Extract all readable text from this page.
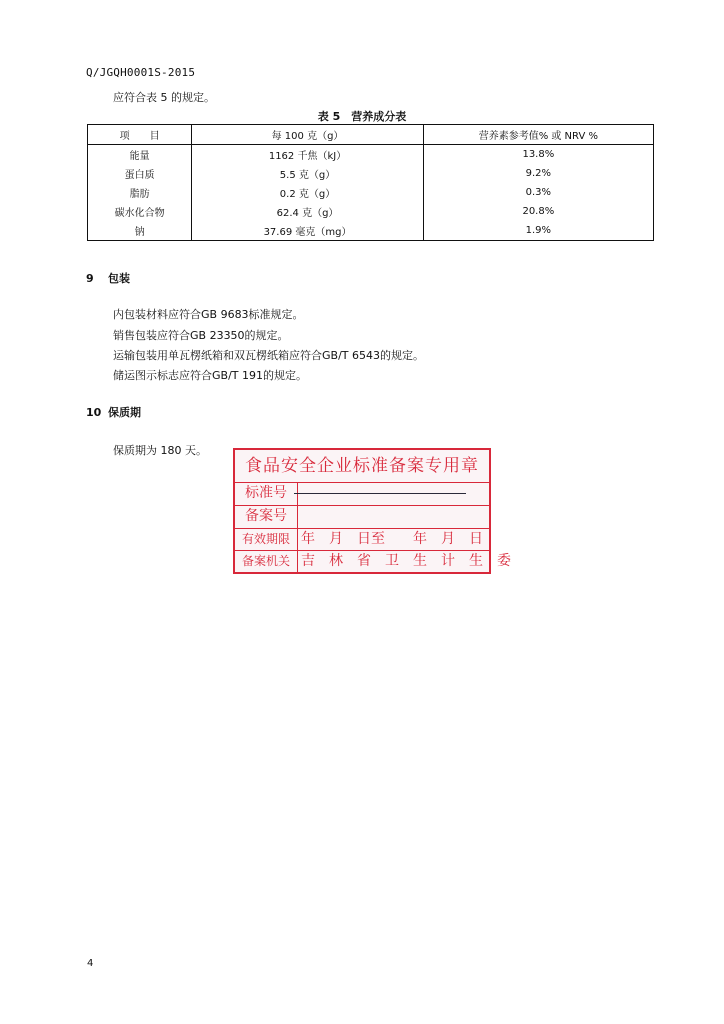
Q/JGQH0001S-2015
应符合表 5 的规定。
表 5　营养成分表
项　　目	每 100 克（g）	营养素参考值% 或 NRV %
能量	1162 千焦（kJ）	13.8%
蛋白质	5.5 克（g）	9.2%
脂肪	0.2 克（g）	0.3%
碳水化合物	62.4 克（g）	20.8%
钠	37.69 毫克（mg）	1.9%
9 包装
内包装材料应符合GB 9683标准规定。
销售包装应符合GB 23350的规定。
运输包装用单瓦楞纸箱和双瓦楞纸箱应符合GB/T 6543的规定。
储运图示标志应符合GB/T 191的规定。
10 保质期
保质期为 180 天。
食品安全企业标准备案专用章
标准号
备案号
有效期限 年　月　日至　　年　月　日
备案机关 吉　林　省　卫　生　计　生　委
4
